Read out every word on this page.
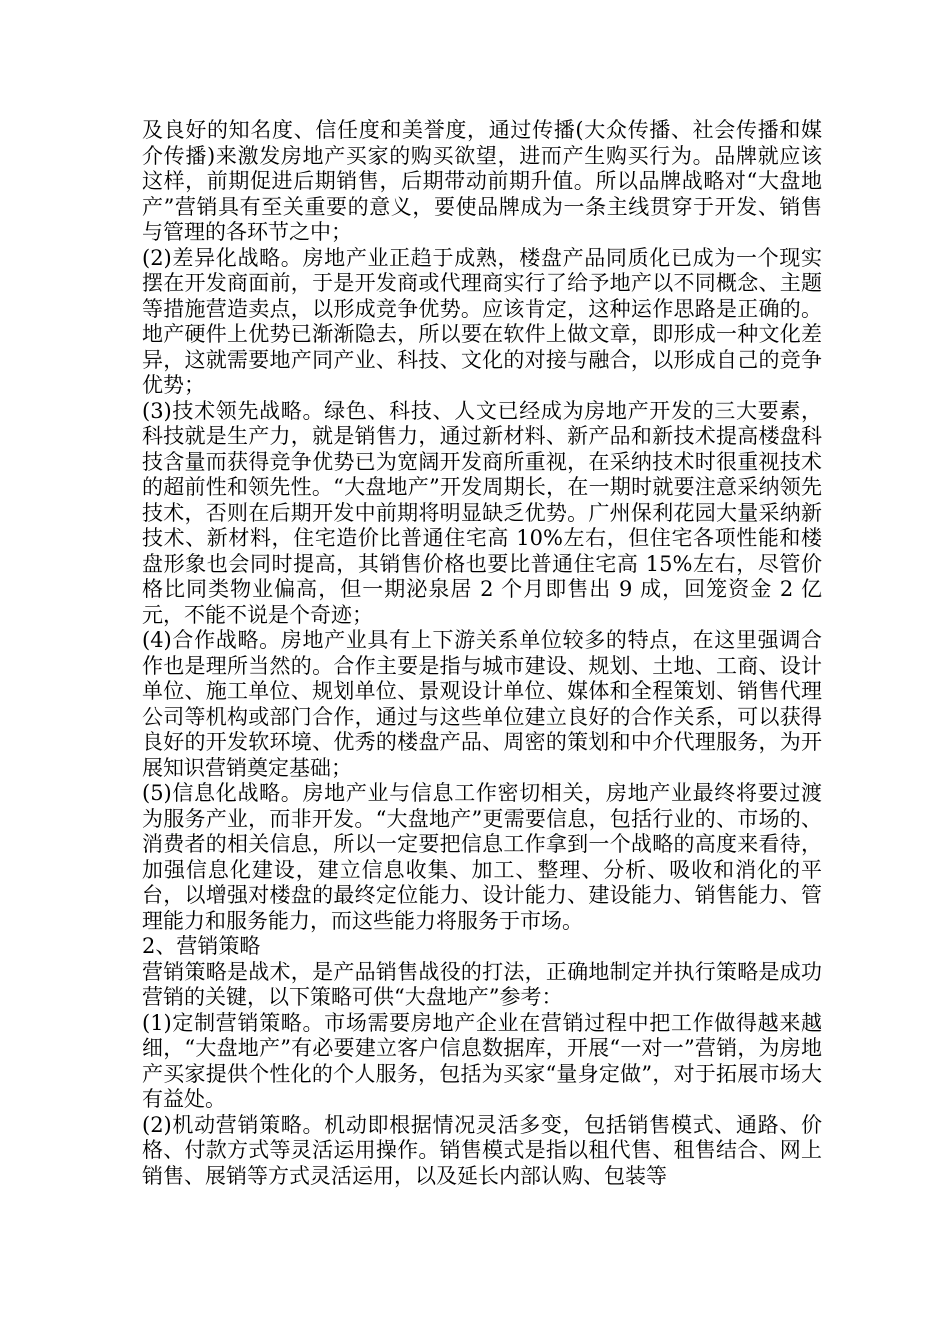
及良好的知名度、信任度和美誉度，通过传播(大众传播、社会传播和媒介传播)来激发房地产买家的购买欲望，进而产生购买行为。品牌就应该这样，前期促进后期销售，后期带动前期升值。所以品牌战略对“大盘地产”营销具有至关重要的意义，要使品牌成为一条主线贯穿于开发、销售与管理的各环节之中；

(2)差异化战略。房地产业正趋于成熟，楼盘产品同质化已成为一个现实摆在开发商面前，于是开发商或代理商实行了给予地产以不同概念、主题等措施营造卖点，以形成竞争优势。应该肯定，这种运作思路是正确的。地产硬件上优势已渐渐隐去，所以要在软件上做文章，即形成一种文化差异，这就需要地产同产业、科技、文化的对接与融合，以形成自己的竞争优势；

(3)技术领先战略。绿色、科技、人文已经成为房地产开发的三大要素，科技就是生产力，就是销售力，通过新材料、新产品和新技术提高楼盘科技含量而获得竞争优势已为宽阔开发商所重视，在采纳技术时很重视技术的超前性和领先性。“大盘地产”开发周期长，在一期时就要注意采纳领先技术，否则在后期开发中前期将明显缺乏优势。广州保利花园大量采纳新技术、新材料，住宅造价比普通住宅高 10%左右，但住宅各项性能和楼盘形象也会同时提高，其销售价格也要比普通住宅高 15%左右，尽管价格比同类物业偏高，但一期泌泉居 2 个月即售出 9 成，回笼资金 2 亿元，不能不说是个奇迹；

(4)合作战略。房地产业具有上下游关系单位较多的特点，在这里强调合作也是理所当然的。合作主要是指与城市建设、规划、土地、工商、设计单位、施工单位、规划单位、景观设计单位、媒体和全程策划、销售代理公司等机构或部门合作，通过与这些单位建立良好的合作关系，可以获得良好的开发软环境、优秀的楼盘产品、周密的策划和中介代理服务，为开展知识营销奠定基础；

(5)信息化战略。房地产业与信息工作密切相关，房地产业最终将要过渡为服务产业，而非开发。“大盘地产”更需要信息，包括行业的、市场的、消费者的相关信息，所以一定要把信息工作拿到一个战略的高度来看待，加强信息化建设，建立信息收集、加工、整理、分析、吸收和消化的平台，以增强对楼盘的最终定位能力、设计能力、建设能力、销售能力、管理能力和服务能力，而这些能力将服务于市场。

2、营销策略

营销策略是战术，是产品销售战役的打法，正确地制定并执行策略是成功营销的关键，以下策略可供“大盘地产”参考：

(1)定制营销策略。市场需要房地产企业在营销过程中把工作做得越来越细，“大盘地产”有必要建立客户信息数据库，开展“一对一”营销，为房地产买家提供个性化的个人服务，包括为买家“量身定做”，对于拓展市场大有益处。

(2)机动营销策略。机动即根据情况灵活多变，包括销售模式、通路、价格、付款方式等灵活运用操作。销售模式是指以租代售、租售结合、网上销售、展销等方式灵活运用，以及延长内部认购、包装等
